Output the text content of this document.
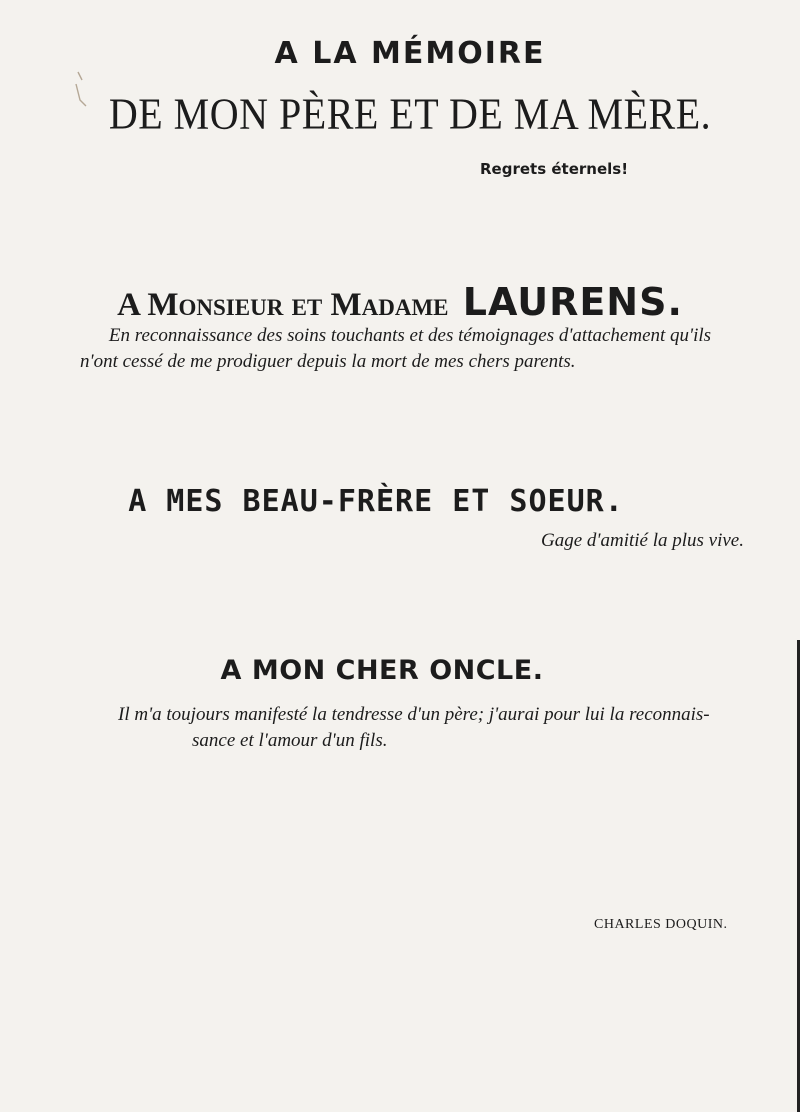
A LA MÉMOIRE
DE MON PÈRE ET DE MA MÈRE.
Regrets éternels!
A Monsieur et Madame LAURENS.
En reconnaissance des soins touchants et des témoignages d'attachement qu'ils
n'ont cessé de me prodiguer depuis la mort de mes chers parents.
A MES BEAU-FRÈRE ET SOEUR.
Gage d'amitié la plus vive.
A MON CHER ONCLE.
Il m'a toujours manifesté la tendresse d'un père; j'aurai pour lui la reconnais-
sance et l'amour d'un fils.
CHARLES DOQUIN.
